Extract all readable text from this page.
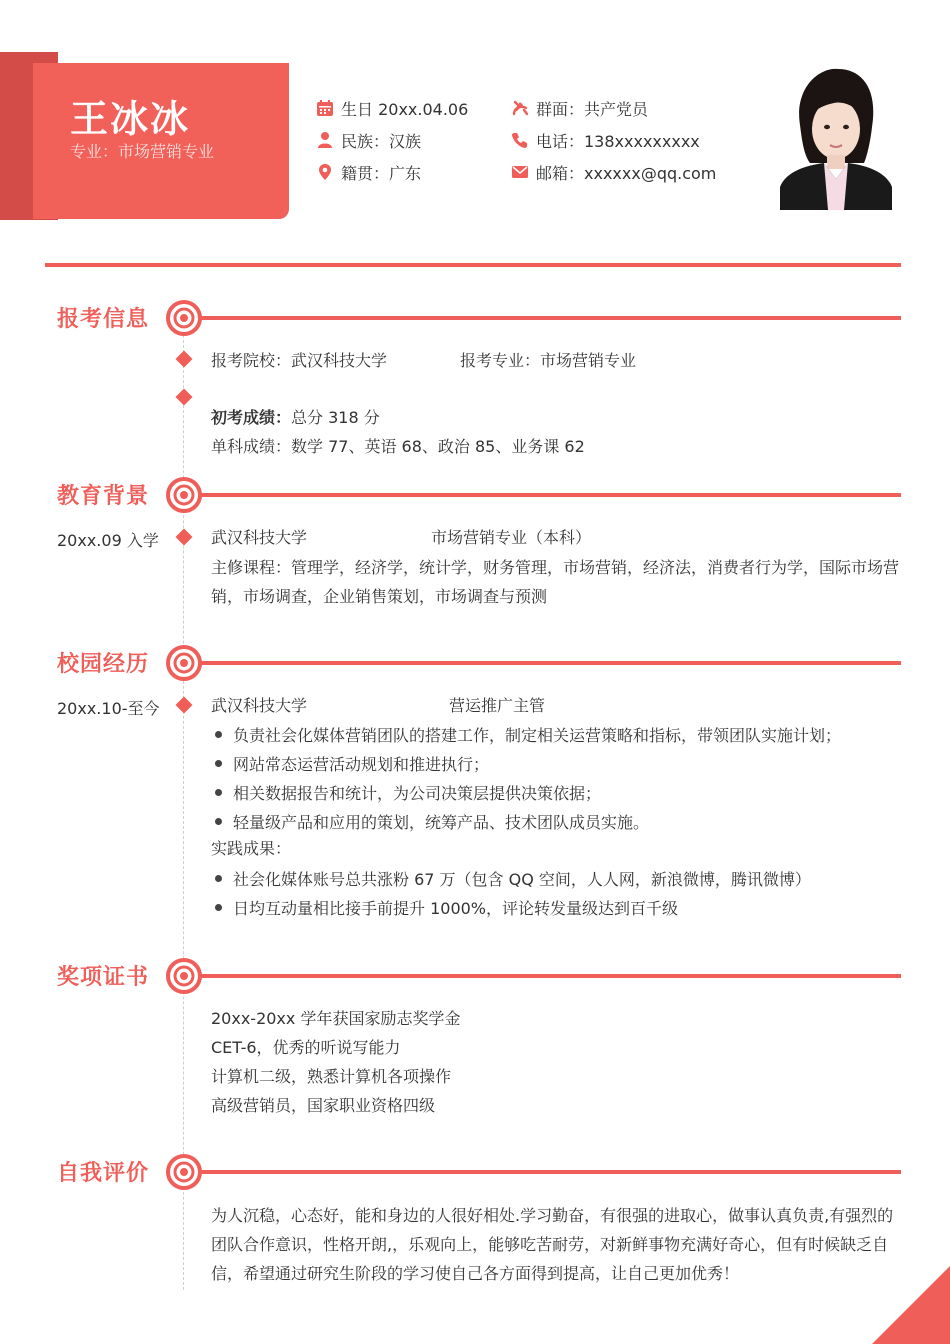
王冰冰
专业：市场营销专业
生日 20xx.04.06
民族：汉族
籍贯：广东
群面：共产党员
电话：138xxxxxxxxx
邮箱：xxxxxx@qq.com
报考信息
报考院校：武汉科技大学	报考专业：市场营销专业
初考成绩：总分 318 分
单科成绩：数学 77、英语 68、政治 85、业务课 62
教育背景
20xx.09 入学	武汉科技大学	市场营销专业（本科）
主修课程：管理学，经济学，统计学，财务管理，市场营销，经济法，消费者行为学，国际市场营销，市场调查，企业销售策划，市场调查与预测
校园经历
20xx.10-至今	武汉科技大学	营运推广主管
负责社会化媒体营销团队的搭建工作，制定相关运营策略和指标，带领团队实施计划；
网站常态运营活动规划和推进执行；
相关数据报告和统计，为公司决策层提供决策依据；
轻量级产品和应用的策划，统筹产品、技术团队成员实施。
实践成果：
社会化媒体账号总共涨粉 67 万（包含 QQ 空间，人人网，新浪微博，腾讯微博）
日均互动量相比接手前提升 1000%，评论转发量级达到百千级
奖项证书
20xx-20xx 学年获国家励志奖学金
CET-6，优秀的听说写能力
计算机二级，熟悉计算机各项操作
高级营销员，国家职业资格四级
自我评价
为人沉稳，心态好，能和身边的人很好相处.学习勤奋，有很强的进取心，做事认真负责,有强烈的团队合作意识，性格开朗,，乐观向上，能够吃苦耐劳，对新鲜事物充满好奇心，但有时候缺乏自信，希望通过研究生阶段的学习使自己各方面得到提高，让自己更加优秀！
